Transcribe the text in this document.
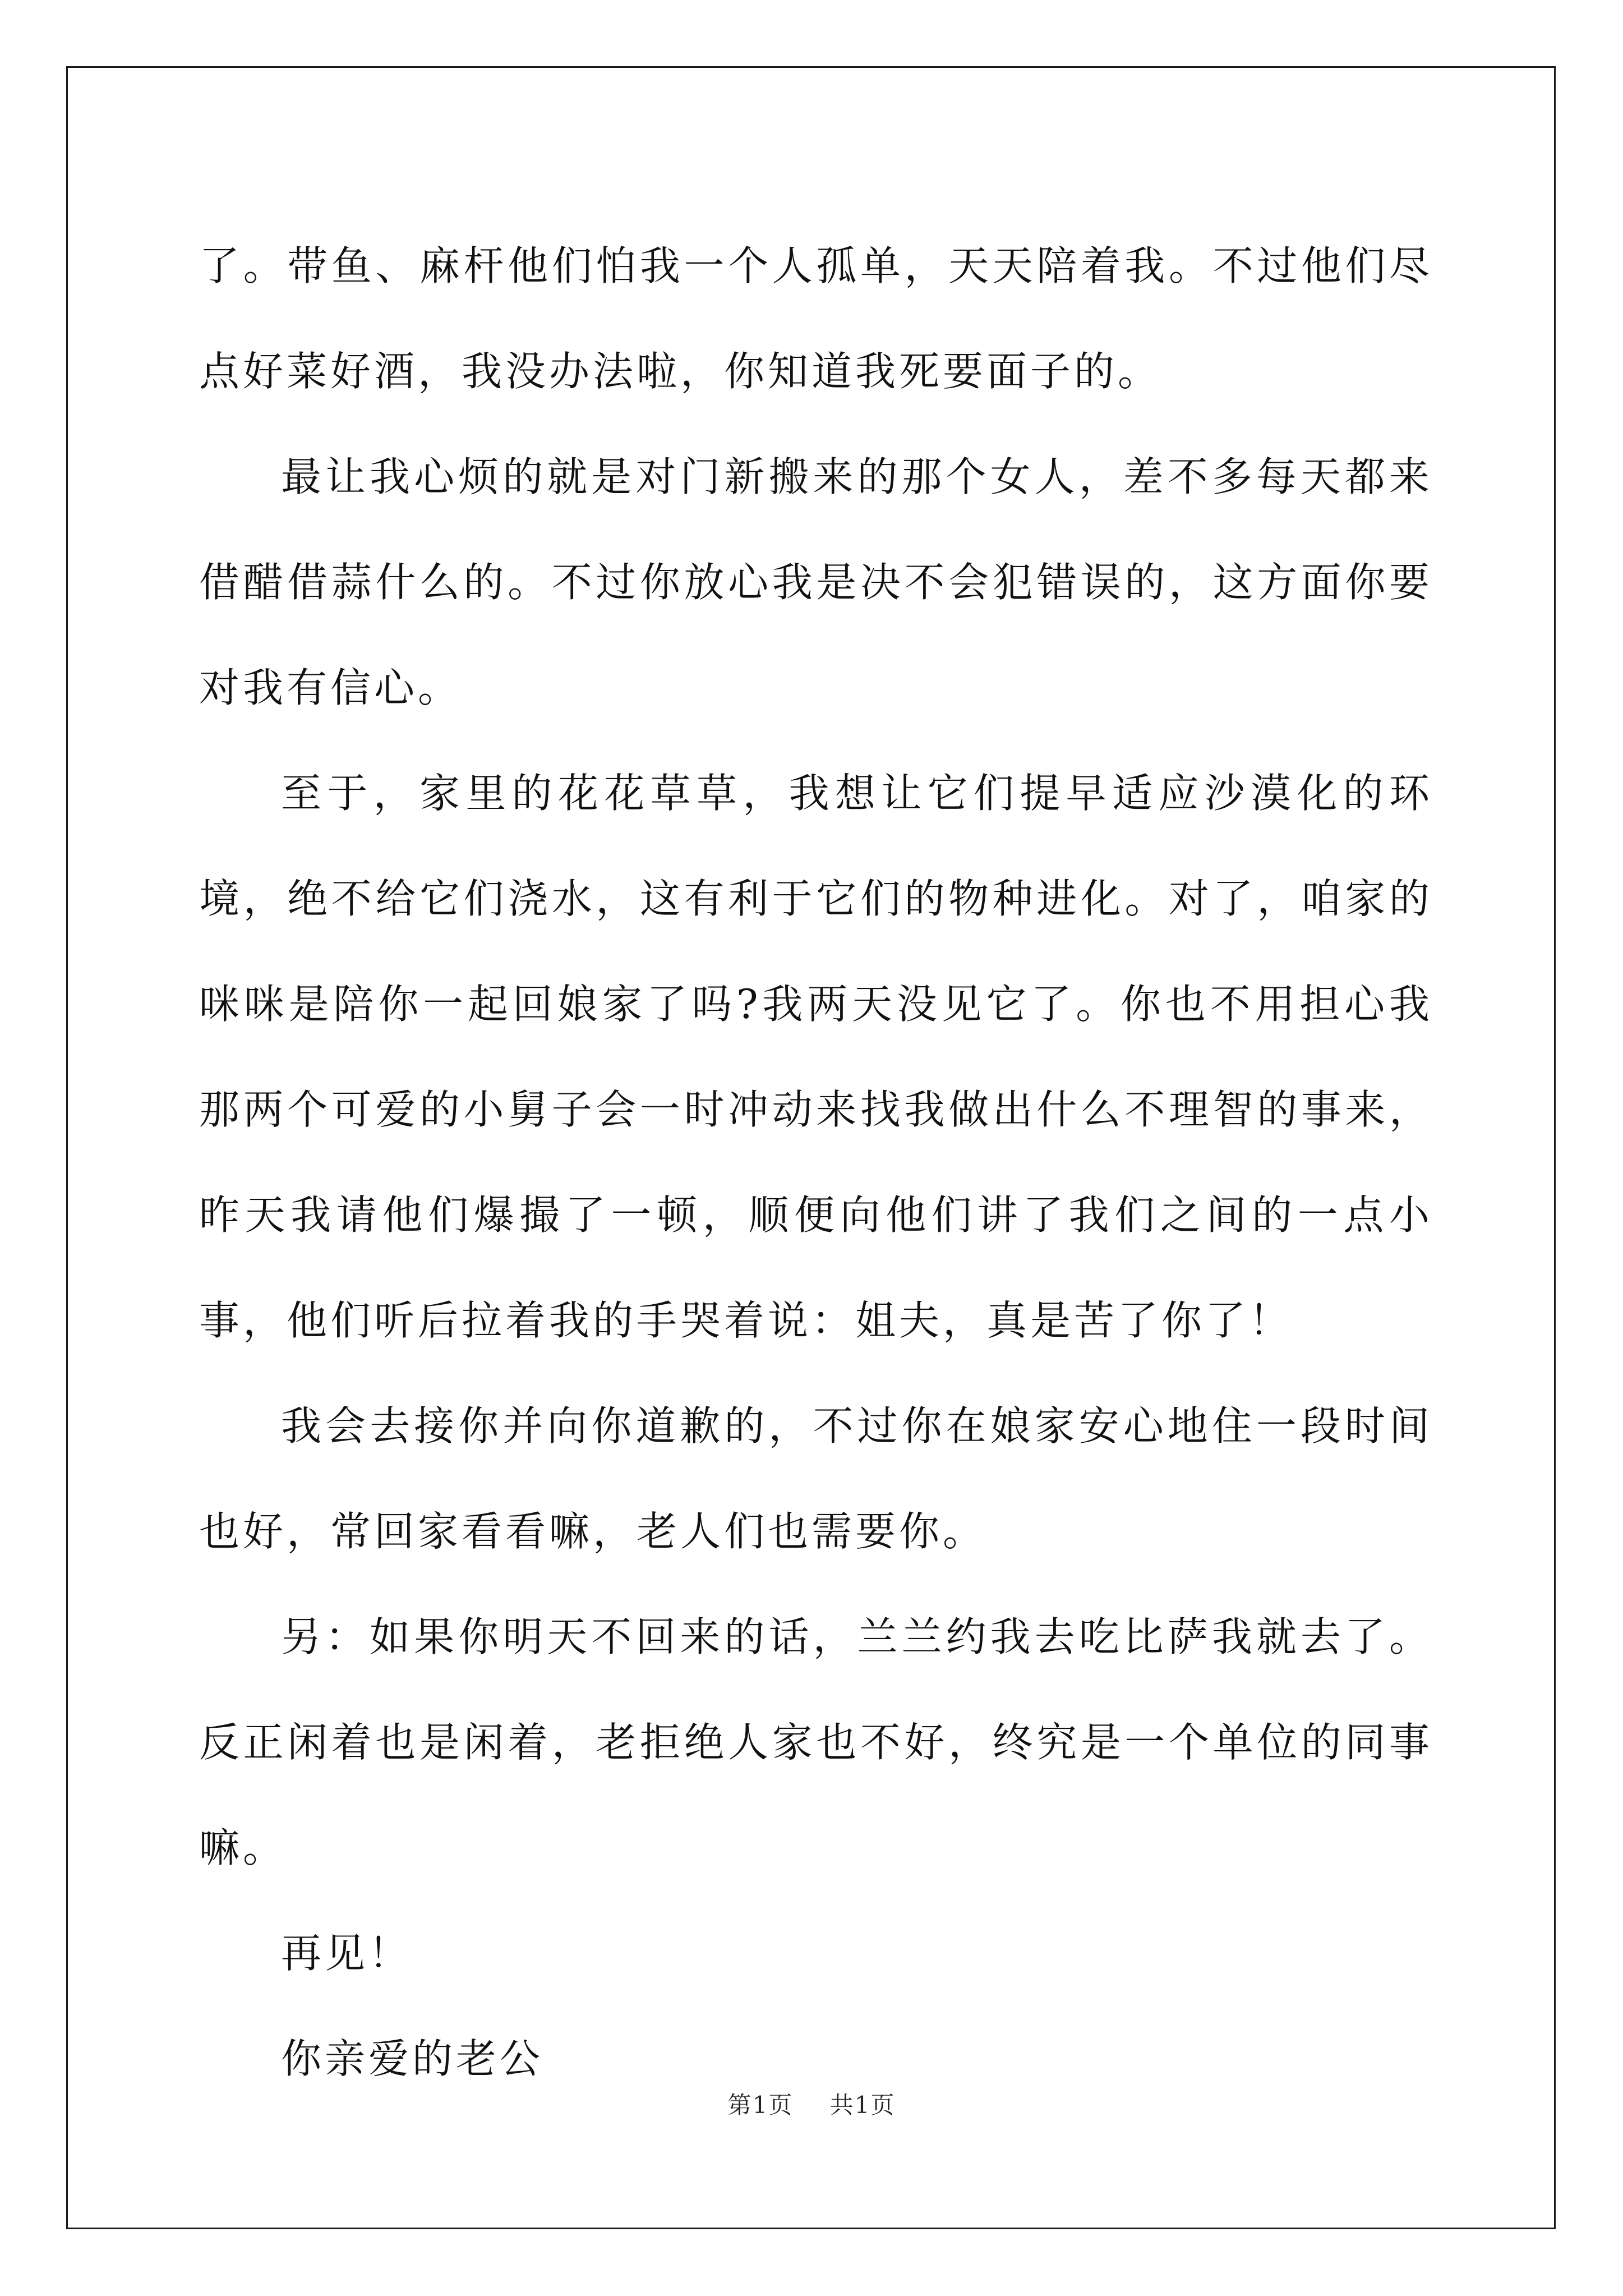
了。带鱼、麻杆他们怕我一个人孤单，天天陪着我。不过他们尽点好菜好酒，我没办法啦，你知道我死要面子的。

最让我心烦的就是对门新搬来的那个女人，差不多每天都来借醋借蒜什么的。不过你放心我是决不会犯错误的，这方面你要对我有信心。

至于，家里的花花草草，我想让它们提早适应沙漠化的环境，绝不给它们浇水，这有利于它们的物种进化。对了，咱家的咪咪是陪你一起回娘家了吗?我两天没见它了。你也不用担心我那两个可爱的小舅子会一时冲动来找我做出什么不理智的事来，昨天我请他们爆撮了一顿，顺便向他们讲了我们之间的一点小事，他们听后拉着我的手哭着说：姐夫，真是苦了你了！

我会去接你并向你道歉的，不过你在娘家安心地住一段时间也好，常回家看看嘛，老人们也需要你。

另：如果你明天不回来的话，兰兰约我去吃比萨我就去了。反正闲着也是闲着，老拒绝人家也不好，终究是一个单位的同事嘛。

再见！

你亲爱的老公

第1页 共1页
